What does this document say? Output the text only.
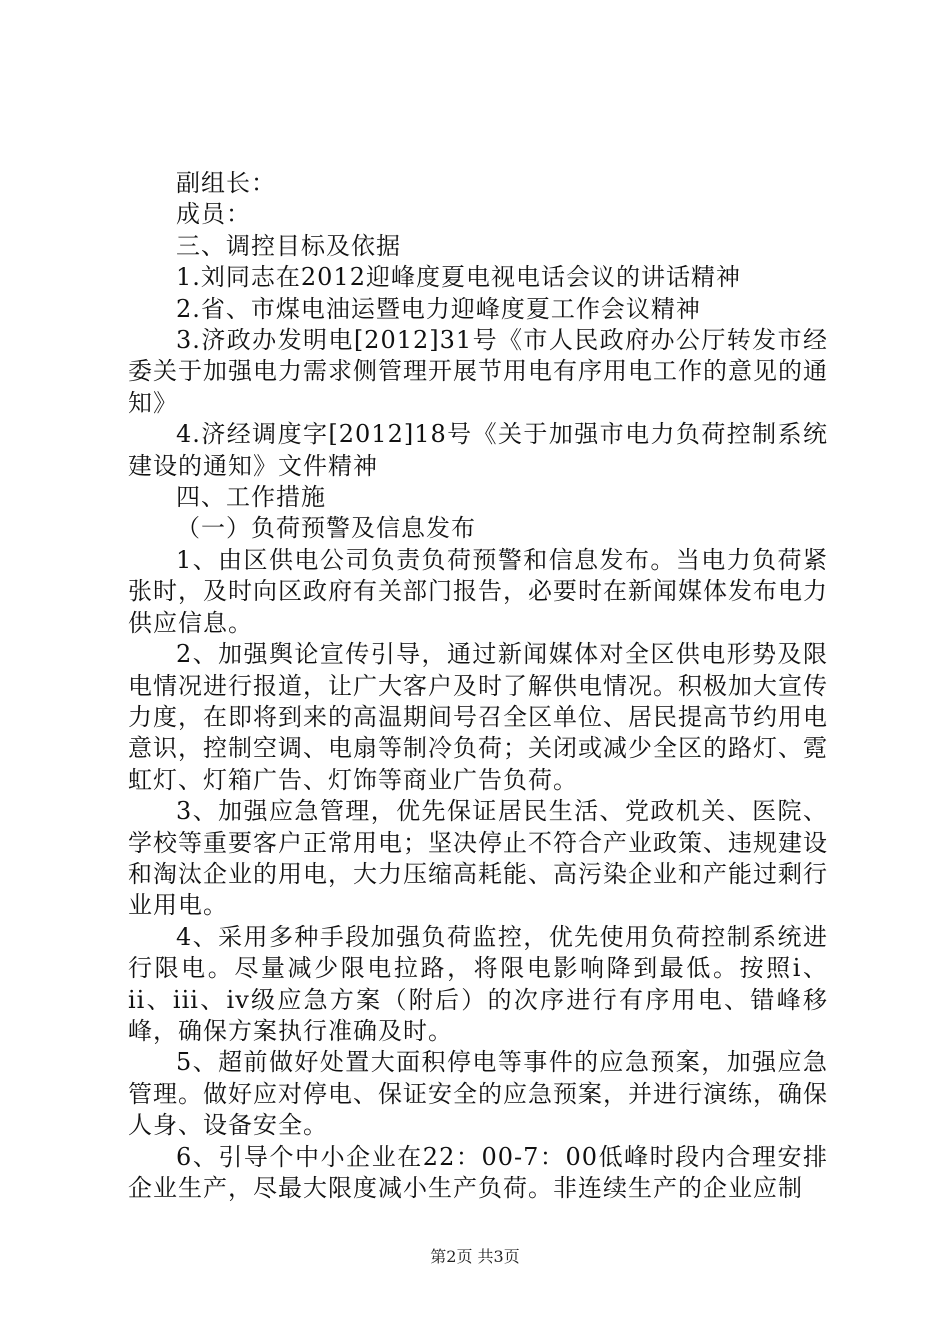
副组长：

成员：

三、调控目标及依据

1.刘同志在2012迎峰度夏电视电话会议的讲话精神

2.省、市煤电油运暨电力迎峰度夏工作会议精神

3.济政办发明电[2012]31号《市人民政府办公厅转发市经委关于加强电力需求侧管理开展节用电有序用电工作的意见的通知》

4.济经调度字[2012]18号《关于加强市电力负荷控制系统建设的通知》文件精神

四、工作措施

（一）负荷预警及信息发布

1、由区供电公司负责负荷预警和信息发布。当电力负荷紧张时，及时向区政府有关部门报告，必要时在新闻媒体发布电力供应信息。

2、加强舆论宣传引导，通过新闻媒体对全区供电形势及限电情况进行报道，让广大客户及时了解供电情况。积极加大宣传力度，在即将到来的高温期间号召全区单位、居民提高节约用电意识，控制空调、电扇等制冷负荷；关闭或减少全区的路灯、霓虹灯、灯箱广告、灯饰等商业广告负荷。

3、加强应急管理，优先保证居民生活、党政机关、医院、学校等重要客户正常用电；坚决停止不符合产业政策、违规建设和淘汰企业的用电，大力压缩高耗能、高污染企业和产能过剩行业用电。

4、采用多种手段加强负荷监控，优先使用负荷控制系统进行限电。尽量减少限电拉路，将限电影响降到最低。按照i、ii、iii、iv级应急方案（附后）的次序进行有序用电、错峰移峰，确保方案执行准确及时。

5、超前做好处置大面积停电等事件的应急预案，加强应急管理。做好应对停电、保证安全的应急预案，并进行演练，确保人身、设备安全。

6、引导个中小企业在22：00-7：00低峰时段内合理安排企业生产，尽最大限度减小生产负荷。非连续生产的企业应制

第2页 共3页
